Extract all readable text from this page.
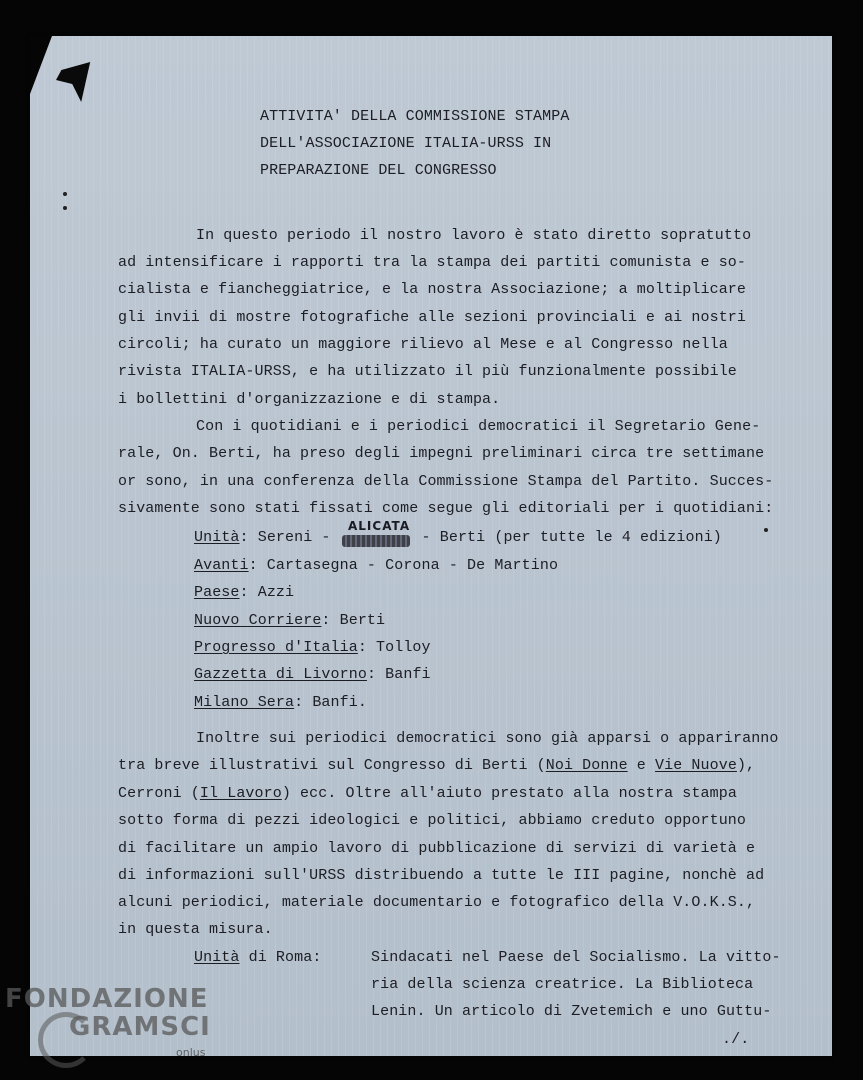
ATTIVITA' DELLA COMMISSIONE STAMPA
DELL'ASSOCIAZIONE ITALIA-URSS IN
PREPARAZIONE DEL CONGRESSO
In questo periodo il nostro lavoro è stato diretto sopratutto
ad intensificare i rapporti tra la stampa dei partiti comunista e so-
cialista e fiancheggiatrice, e la nostra Associazione; a moltiplicare
gli invii di mostre fotografiche alle sezioni provinciali e ai nostri
circoli; ha curato un maggiore rilievo al Mese e al Congresso nella
rivista ITALIA-URSS, e ha utilizzato il più funzionalmente possibile
i bollettini d'organizzazione e di stampa.
Con i quotidiani e i periodici democratici il Segretario Gene-
rale, On. Berti, ha preso degli impegni preliminari circa tre settimane
or sono, in una conferenza della Commissione Stampa del Partito. Succes-
sivamente sono stati fissati come segue gli editoriali per i quotidiani:
ALICATA
Unità: Sereni -          - Berti (per tutte le 4 edizioni)
Avanti: Cartasegna - Corona - De Martino
Paese: Azzi
Nuovo Corriere: Berti
Progresso d'Italia: Tolloy
Gazzetta di Livorno: Banfi
Milano Sera: Banfi.
Inoltre sui periodici democratici sono già apparsi o appariranno
tra breve illustrativi sul Congresso di Berti (Noi Donne e Vie Nuove),
Cerroni (Il Lavoro) ecc. Oltre all'aiuto prestato alla nostra stampa
sotto forma di pezzi ideologici e politici, abbiamo creduto opportuno
di facilitare un ampio lavoro di pubblicazione di servizi di varietà e
di informazioni sull'URSS distribuendo a tutte le III pagine, nonchè ad
alcuni periodici, materiale documentario e fotografico della V.O.K.S.,
in questa misura.
Unità di Roma:	Sindacati nel Paese del Socialismo. La vitto-
ria della scienza creatrice. La Biblioteca
Lenin. Un articolo di Zvetemich e uno Guttu-
./.
FONDAZIONE
GRAMSCI
onlus
